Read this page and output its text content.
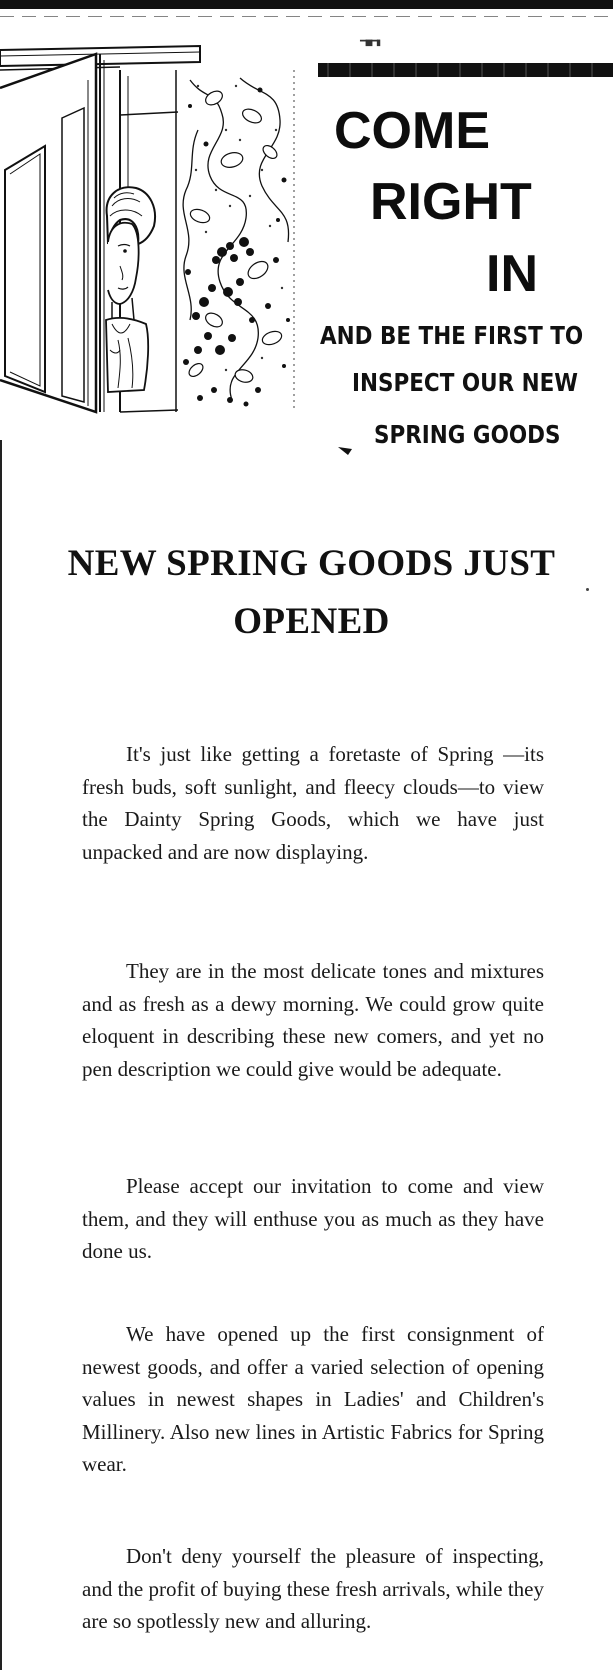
▔▀▔▘
COME
RIGHT
IN
AND BE THE FIRST TO
INSPECT OUR NEW
SPRING GOODS
NEW SPRING GOODS JUST OPENED

It's just like getting a foretaste of Spring —its fresh buds, soft sunlight, and fleecy clouds—to view the Dainty Spring Goods, which we have just unpacked and are now displaying.

They are in the most delicate tones and mixtures and as fresh as a dewy morning. We could grow quite eloquent in describing these new comers, and yet no pen description we could give would be adequate.

Please accept our invitation to come and view them, and they will enthuse you as much as they have done us.

We have opened up the first consignment of newest goods, and offer a varied selection of opening values in newest shapes in Ladies' and Children's Millinery. Also new lines in Artistic Fabrics for Spring wear.

Don't deny yourself the pleasure of inspecting, and the profit of buying these fresh arrivals, while they are so spotlessly new and alluring.
